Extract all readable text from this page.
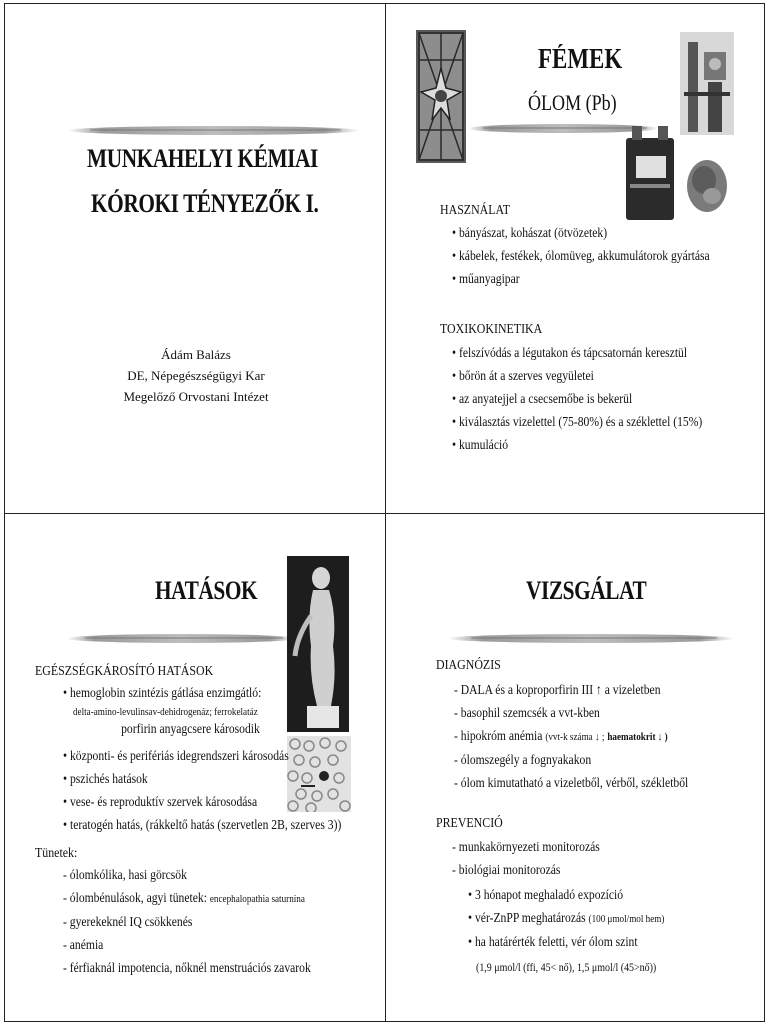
MUNKAHELYI KÉMIAI
KÓROKI TÉNYEZŐK I.
Ádám Balázs
DE, Népegészségügyi Kar
Megelőző Orvostani Intézet
FÉMEK
ÓLOM (Pb)
HASZNÁLAT
• bányászat, kohászat (ötvözetek)
• kábelek, festékek, ólomüveg, akkumulátorok gyártása
• műanyagipar
TOXIKOKINETIKA
• felszívódás a légutakon és tápcsatornán keresztül
• bőrön át a szerves vegyületei
• az anyatejjel a csecsemőbe is bekerül
• kiválasztás vizelettel (75-80%) és a széklettel (15%)
• kumuláció
HATÁSOK
EGÉSZSÉGKÁROSÍTÓ HATÁSOK
• hemoglobin szintézis gátlása enzimgátló:
delta-amino-levulinsav-dehidrogenáz; ferrokelatáz
porfirin anyagcsere károsodik
• központi- és perifériás idegrendszeri károsodás
• pszichés hatások
• vese- és reproduktív szervek károsodása
• teratogén hatás, (rákkeltő hatás (szervetlen 2B, szerves 3))
Tünetek:
- ólomkólika, hasi görcsök
- ólombénulások, agyi tünetek: encephalopathia saturnina
- gyerekeknél IQ csökkenés
- anémia
- férfiaknál impotencia, nőknél menstruációs zavarok
VIZSGÁLAT
DIAGNÓZIS
- DALA és a koproporfirin III ↑ a vizeletben
- basophil szemcsék a vvt-kben
- hipokróm anémia (vvt-k száma ↓ ; haematokrit ↓ )
- ólomszegély a fognyakakon
- ólom kimutatható a vizeletből, vérből, székletből
PREVENCIÓ
- munkakörnyezeti monitorozás
- biológiai monitorozás
• 3 hónapot meghaladó expozíció
• vér-ZnPP meghatározás (100 μmol/mol hem)
• ha határérték feletti, vér ólom szint
(1,9 μmol/l (ffi, 45< nő), 1,5 μmol/l (45>nő))
